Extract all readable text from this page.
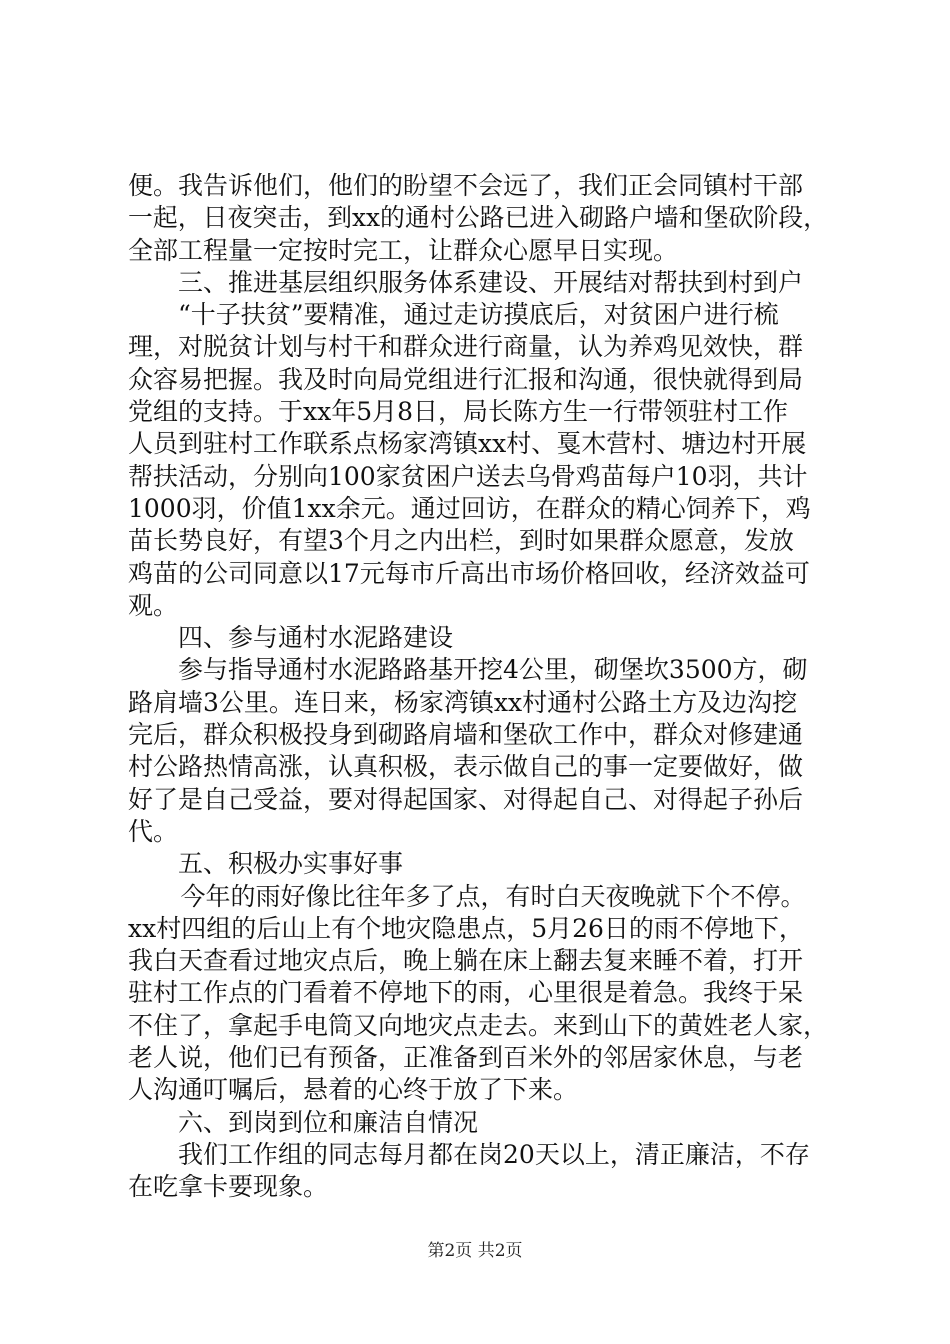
便。我告诉他们，他们的盼望不会远了，我们正会同镇村干部
一起，日夜突击，到xx的通村公路已进入砌路户墙和堡砍阶段，
全部工程量一定按时完工，让群众心愿早日实现。
三、推进基层组织服务体系建设、开展结对帮扶到村到户
“十子扶贫”要精准，通过走访摸底后，对贫困户进行梳
理，对脱贫计划与村干和群众进行商量，认为养鸡见效快，群
众容易把握。我及时向局党组进行汇报和沟通，很快就得到局
党组的支持。于xx年5月8日，局长陈方生一行带领驻村工作
人员到驻村工作联系点杨家湾镇xx村、戛木营村、塘边村开展
帮扶活动，分别向100家贫困户送去乌骨鸡苗每户10羽，共计
1000羽，价值1xx余元。通过回访，在群众的精心饲养下，鸡
苗长势良好，有望3个月之内出栏，到时如果群众愿意，发放
鸡苗的公司同意以17元每市斤高出市场价格回收，经济效益可
观。
四、参与通村水泥路建设
参与指导通村水泥路路基开挖4公里，砌堡坎3500方，砌
路肩墙3公里。连日来，杨家湾镇xx村通村公路土方及边沟挖
完后，群众积极投身到砌路肩墙和堡砍工作中，群众对修建通
村公路热情高涨，认真积极，表示做自己的事一定要做好，做
好了是自己受益，要对得起国家、对得起自己、对得起子孙后
代。
五、积极办实事好事
今年的雨好像比往年多了点，有时白天夜晚就下个不停。
xx村四组的后山上有个地灾隐患点，5月26日的雨不停地下，
我白天查看过地灾点后，晚上躺在床上翻去复来睡不着，打开
驻村工作点的门看着不停地下的雨，心里很是着急。我终于呆
不住了，拿起手电筒又向地灾点走去。来到山下的黄姓老人家，
老人说，他们已有预备，正准备到百米外的邻居家休息，与老
人沟通叮嘱后，悬着的心终于放了下来。
六、到岗到位和廉洁自情况
我们工作组的同志每月都在岗20天以上，清正廉洁，不存
在吃拿卡要现象。
第2页 共2页
